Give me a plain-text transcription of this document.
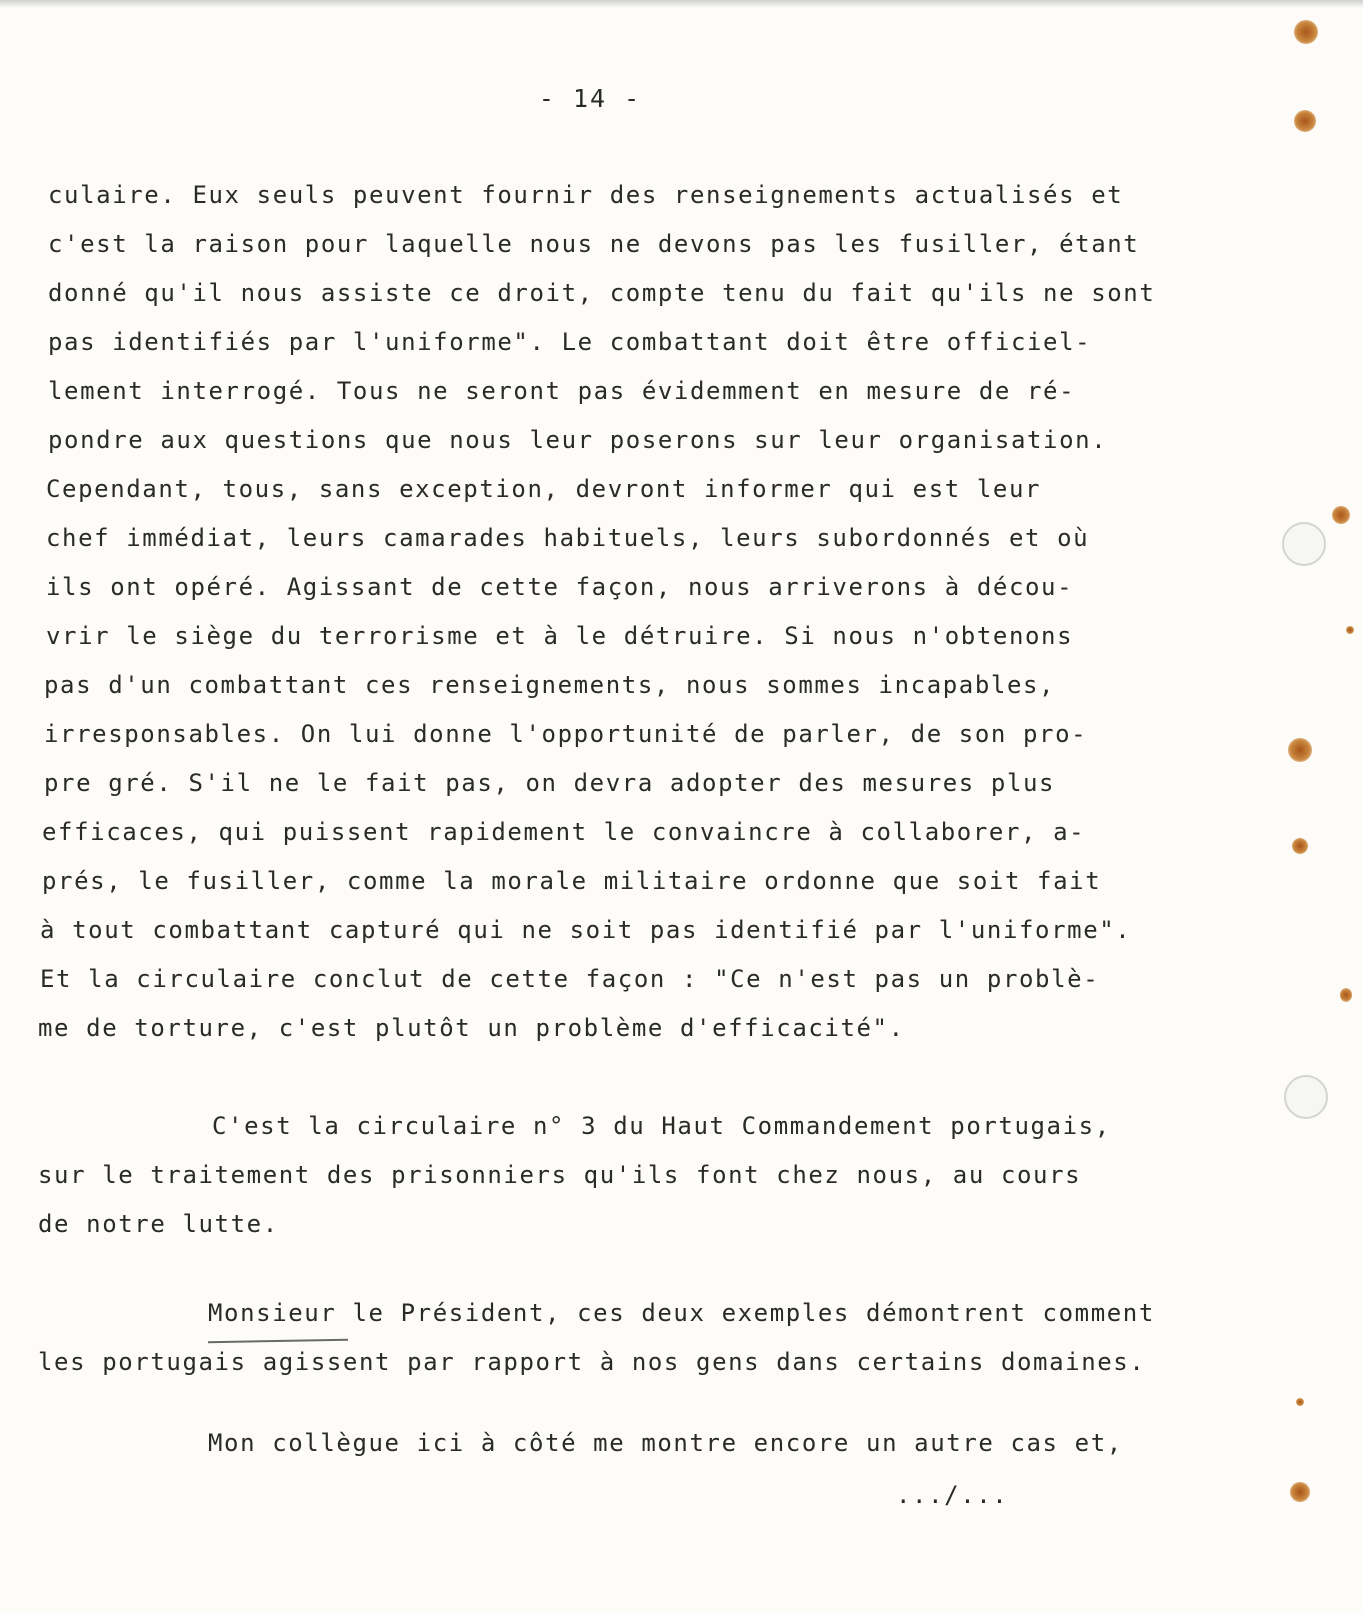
- 14 -
culaire. Eux seuls peuvent fournir des renseignements actualisés et
c'est la raison pour laquelle nous ne devons pas les fusiller, étant
donné qu'il nous assiste ce droit, compte tenu du fait qu'ils ne sont
pas identifiés par l'uniforme". Le combattant doit être officiel-
lement interrogé. Tous ne seront pas évidemment en mesure de ré-
pondre aux questions que nous leur poserons sur leur organisation.
Cependant, tous, sans exception, devront informer qui est leur
chef immédiat, leurs camarades habituels, leurs subordonnés et où
ils ont opéré. Agissant de cette façon, nous arriverons à décou-
vrir le siège du terrorisme et à le détruire. Si nous n'obtenons
pas d'un combattant ces renseignements, nous sommes incapables,
irresponsables. On lui donne l'opportunité de parler, de son pro-
pre gré. S'il ne le fait pas, on devra adopter des mesures plus
efficaces, qui puissent rapidement le convaincre à collaborer, a-
prés, le fusiller, comme la morale militaire ordonne que soit fait
à tout combattant capturé qui ne soit pas identifié par l'uniforme".
Et la circulaire conclut de cette façon : "Ce n'est pas un problè-
me de torture, c'est plutôt un problème d'efficacité".
C'est la circulaire n° 3 du Haut Commandement portugais,
sur le traitement des prisonniers qu'ils font chez nous, au cours
de notre lutte.
Monsieur le Président, ces deux exemples démontrent comment
les portugais agissent par rapport à nos gens dans certains domaines.
Mon collègue ici à côté me montre encore un autre cas et,
.../...
